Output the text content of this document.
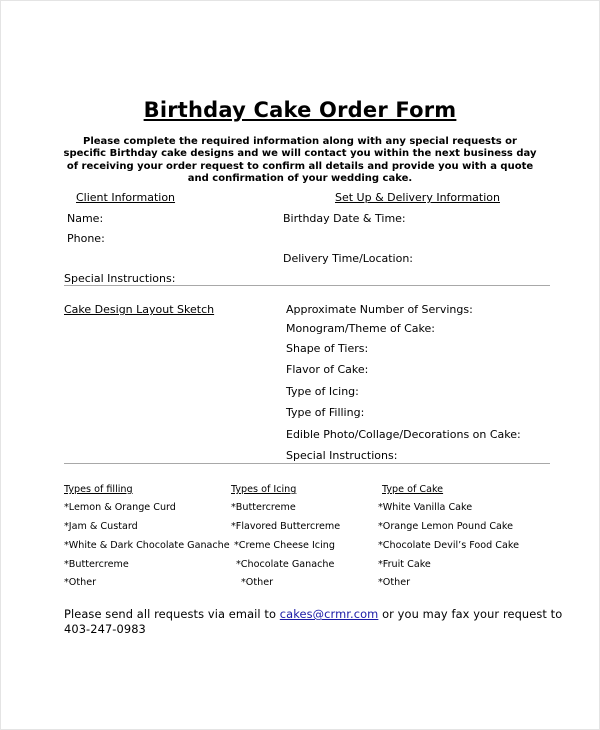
Birthday Cake Order Form
Please complete the required information along with any special requests or specific Birthday cake designs and we will contact you within the next business day of receiving your order request to confirm all details and provide you with a quote and confirmation of your wedding cake.
Client Information	Set Up & Delivery Information
Name:
Phone:
Birthday Date & Time:
Delivery Time/Location:
Special Instructions:
Cake Design Layout Sketch	Approximate Number of Servings:
Monogram/Theme of Cake:
Shape of Tiers:
Flavor of Cake:
Type of Icing:
Type of Filling:
Edible Photo/Collage/Decorations on Cake:
Special Instructions:
Types of filling
*Lemon & Orange Curd
*Jam & Custard
*White & Dark Chocolate Ganache
*Buttercreme
*Other
Types of Icing
*Buttercreme
*Flavored Buttercreme
*Creme Cheese Icing
*Chocolate Ganache
*Other
Type of Cake
*White Vanilla Cake
*Orange Lemon Pound Cake
*Chocolate Devil’s Food Cake
*Fruit Cake
*Other
Please send all requests via email to cakes@crmr.com or you may fax your request to
403-247-0983
